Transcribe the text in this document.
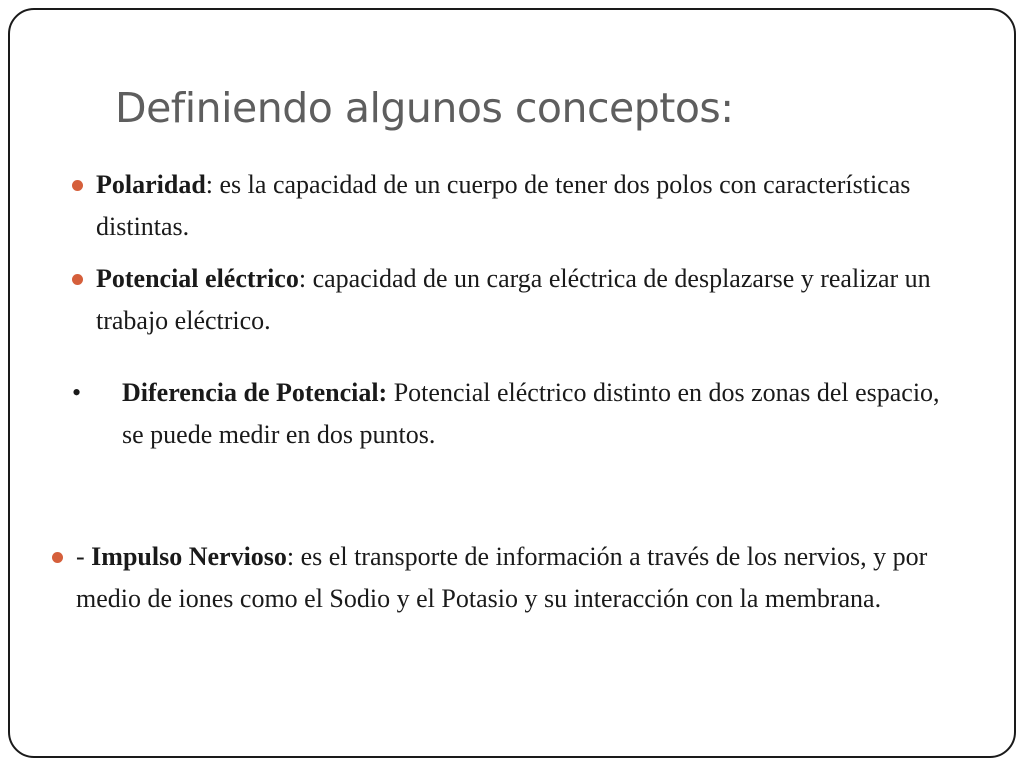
Definiendo algunos conceptos:
Polaridad: es la capacidad de un cuerpo de tener dos polos con características distintas.
Potencial eléctrico: capacidad de un carga eléctrica de desplazarse y realizar un trabajo eléctrico.
• Diferencia de Potencial: Potencial eléctrico distinto en dos zonas del espacio, se puede medir en dos puntos.
- Impulso Nervioso: es el transporte de información a través de los nervios, y por medio de iones como el Sodio y el Potasio y su interacción con la membrana.
